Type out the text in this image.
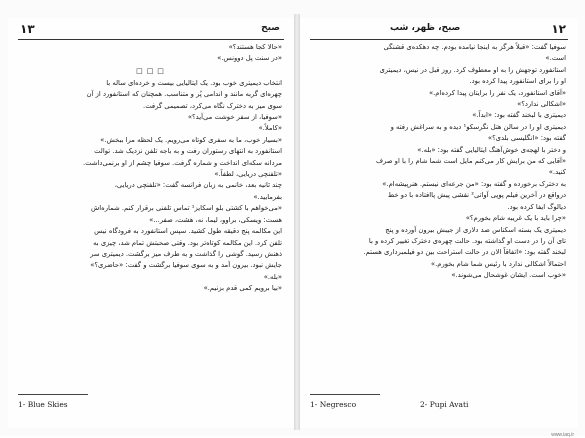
۱۳	صبح
«حالا کجا هستند؟»
«در سنت پل دوونس.»
□□□
انتخاب دیمیتری خوب بود. یک ایتالیایی بیست و خرده‌ای ساله با
چهره‌ای گربه مانند و اندامی پُر و متناسب. همچنان که استانفورد از آن
سوی میز به دخترک نگاه می‌کرد، تصمیمی گرفت.
«سوفیا، از سفر خوشت می‌آید؟»
«کاملاً.»
«بسیار خوب، ما به سفری کوتاه می‌رویم. یک لحظه مرا ببخش.»
استانفورد به انتهای رستوران رفت و به باجه تلفن نزدیک شد. توالت
مردانه سکه‌ای انداخت و شماره گرفت. سوفیا چشم از او برنمی‌داشت.
«تلفنچی دریایی، لطفاً.»
چند ثانیه بعد، خانمی به زبان فرانسه گفت: «تلفنچی دریایی،
بفرمایید.»
«می‌خواهم با کشتی بلو اسکایز¹ تماس تلفنی برقرار کنم. شماره‌اش
هست: ویسکی، براوو، لیما، نه، هشت، صفر...»
این مکالمه پنج دقیقه طول کشید. سپس استانفورد به فرودگاه نیس
تلفن کرد. این مکالمه کوتاه‌تر بود. وقتی صحبتش تمام شد، چیزی به
ذهنش رسید. گوشی را گذاشت و به طرف میز برگشت. دیمیتری سر
جایش نبود. بیرون آمد و به سوی سوفیا برگشت و گفت: «حاضری؟»
«بله.»
«بیا برویم کمی قدم بزنیم.»
1- Blue Skies
صبح، ظهر، شب	۱۲
سوفیا گفت: «قبلاً هرگز به اینجا نیامده بودم. چه دهکده‌ی قشنگی
است.»
استانفورد توجهش را به او معطوف کرد. روز قبل در نیس، دیمیتری
او را برای استانفورد پیدا کرده بود.
«آقای استانفورد، یک نفر را برایتان پیدا کرده‌ام.»
«اشکالی ندارد؟»
دیمیتری با لبخند گفته بود: «ابداً.»
دیمیتری او را در سالن هتل نگرسکو¹ دیده و به سراغش رفته و
گفته بود: «انگلیسی بلدی؟»
و دختر با لهجه‌ی خوش‌آهنگ ایتالیایی گفته بود: «بله.»
«آقایی که من برایش کار می‌کنم مایل است شما شام را با او صرف
کنید.»
به دخترک برخورده و گفته بود: «من جرعه‌ای نیستم. هنرپیشه‌ام.»
درواقع در آخرین فیلم پوپی آواتی² نقشی پیش پاافتاده با دو خط
دیالوگ ایفا کرده بود.
«چرا باید با یک غریبه شام بخورم؟»
دیمیتری یک بسته اسکناس صد دلاری از جیبش بیرون آورده و پنج
تای آن را در دست او گذاشته بود. حالت چهره‌ی دخترک تغییر کرده و با
لبخند گفته بود: «اتفاقاً الان در حالت استراحت بین دو فیلمبرداری هستم.
احتمالاً اشکالی ندارد با رئیس شما شام بخورم.»
«خوب است. ایشان غوشحال می‌شوند.»
1- Negresco	2- Pupi Avati
www.iaq.ir
